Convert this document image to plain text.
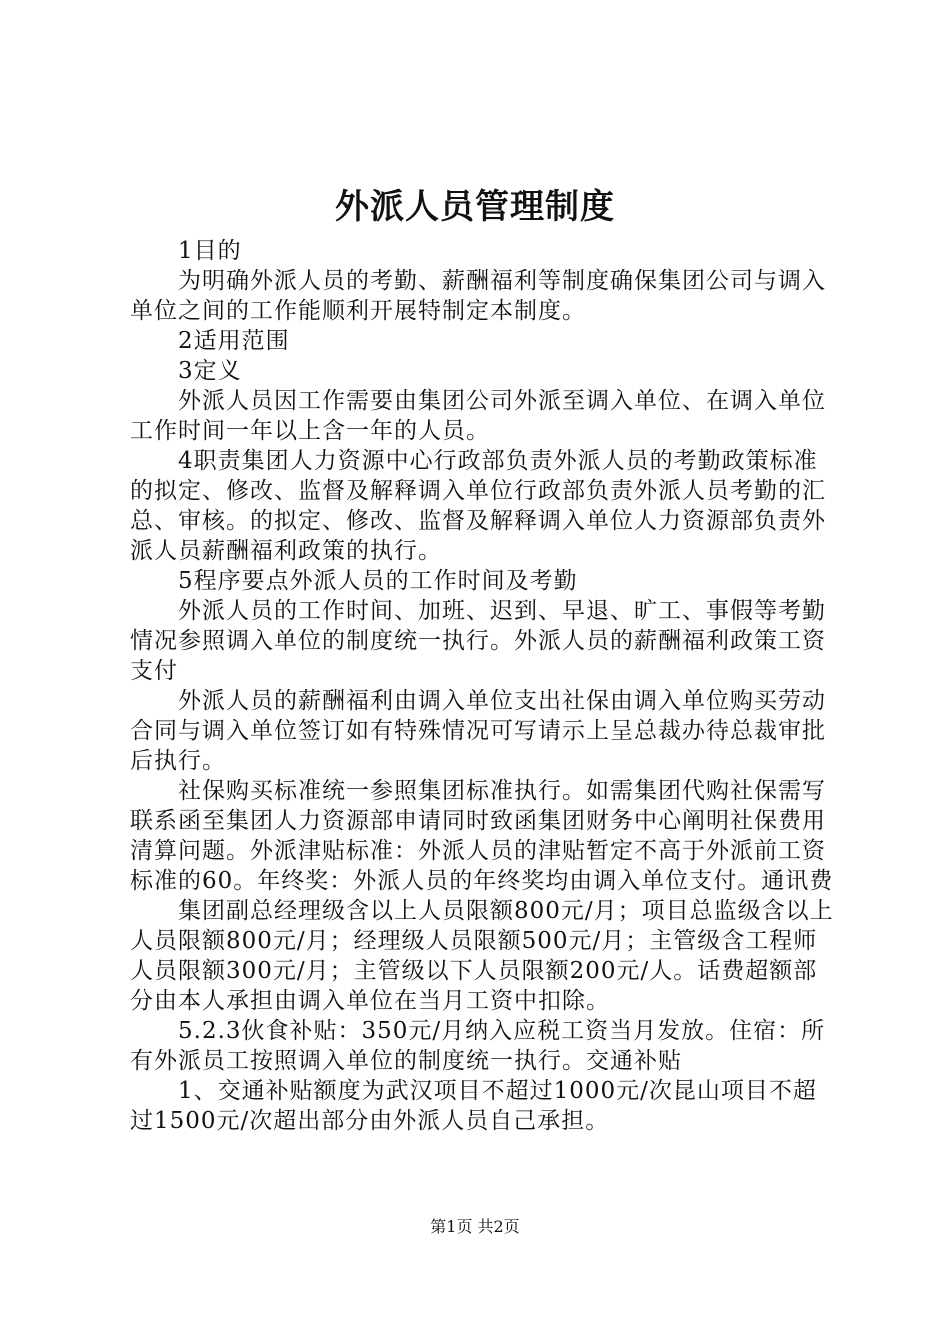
外派人员管理制度

1目的

为明确外派人员的考勤、薪酬福利等制度确保集团公司与调入单位之间的工作能顺利开展特制定本制度。

2适用范围

3定义

外派人员因工作需要由集团公司外派至调入单位、在调入单位工作时间一年以上含一年的人员。

4职责集团人力资源中心行政部负责外派人员的考勤政策标准的拟定、修改、监督及解释调入单位行政部负责外派人员考勤的汇总、审核。的拟定、修改、监督及解释调入单位人力资源部负责外派人员薪酬福利政策的执行。

5程序要点外派人员的工作时间及考勤

外派人员的工作时间、加班、迟到、早退、旷工、事假等考勤情况参照调入单位的制度统一执行。外派人员的薪酬福利政策工资支付

外派人员的薪酬福利由调入单位支出社保由调入单位购买劳动合同与调入单位签订如有特殊情况可写请示上呈总裁办待总裁审批后执行。

社保购买标准统一参照集团标准执行。如需集团代购社保需写联系函至集团人力资源部申请同时致函集团财务中心阐明社保费用清算问题。外派津贴标准：外派人员的津贴暂定不高于外派前工资标准的60。年终奖：外派人员的年终奖均由调入单位支付。通讯费

集团副总经理级含以上人员限额800元/月；项目总监级含以上人员限额800元/月；经理级人员限额500元/月；主管级含工程师人员限额300元/月；主管级以下人员限额200元/人。话费超额部分由本人承担由调入单位在当月工资中扣除。

5.2.3伙食补贴：350元/月纳入应税工资当月发放。住宿：所有外派员工按照调入单位的制度统一执行。交通补贴

1、交通补贴额度为武汉项目不超过1000元/次昆山项目不超过1500元/次超出部分由外派人员自己承担。

第1页 共2页
